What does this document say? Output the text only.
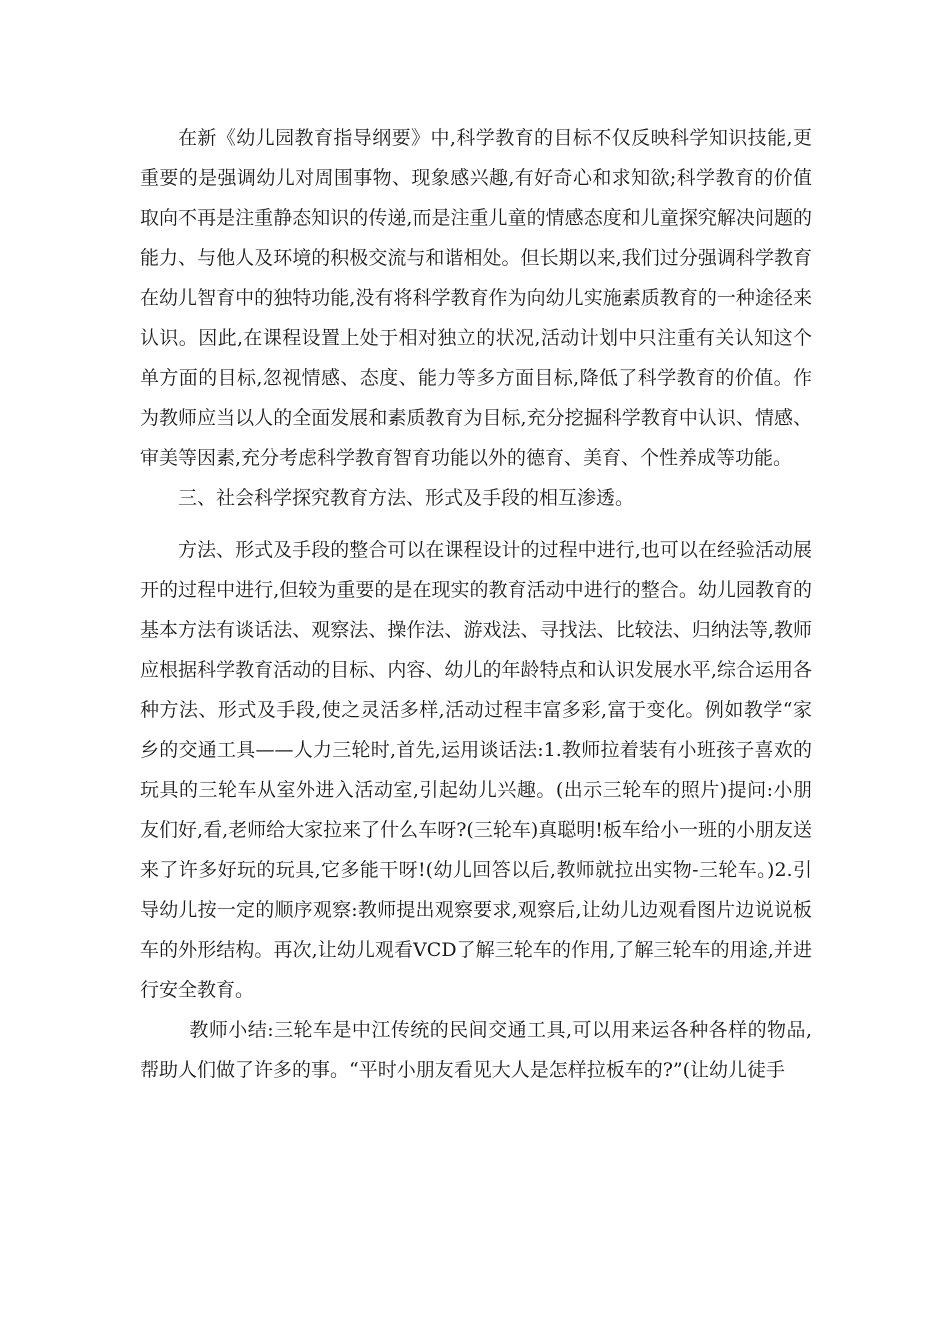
在新《幼儿园教育指导纲要》中,科学教育的目标不仅反映科学知识技能,更重要的是强调幼儿对周围事物、现象感兴趣,有好奇心和求知欲;科学教育的价值取向不再是注重静态知识的传递,而是注重儿童的情感态度和儿童探究解决问题的能力、与他人及环境的积极交流与和谐相处。但长期以来,我们过分强调科学教育在幼儿智育中的独特功能,没有将科学教育作为向幼儿实施素质教育的一种途径来认识。因此,在课程设置上处于相对独立的状况,活动计划中只注重有关认知这个单方面的目标,忽视情感、态度、能力等多方面目标,降低了科学教育的价值。作为教师应当以人的全面发展和素质教育为目标,充分挖掘科学教育中认识、情感、审美等因素,充分考虑科学教育智育功能以外的德育、美育、个性养成等功能。

三、社会科学探究教育方法、形式及手段的相互渗透。

方法、形式及手段的整合可以在课程设计的过程中进行,也可以在经验活动展开的过程中进行,但较为重要的是在现实的教育活动中进行的整合。幼儿园教育的基本方法有谈话法、观察法、操作法、游戏法、寻找法、比较法、归纳法等,教师应根据科学教育活动的目标、内容、幼儿的年龄特点和认识发展水平,综合运用各种方法、形式及手段,使之灵活多样,活动过程丰富多彩,富于变化。例如教学“家乡的交通工具——人力三轮时,首先,运用谈话法:1.教师拉着装有小班孩子喜欢的玩具的三轮车从室外进入活动室,引起幼儿兴趣。(出示三轮车的照片)提问:小朋友们好,看,老师给大家拉来了什么车呀?(三轮车)真聪明!板车给小一班的小朋友送来了许多好玩的玩具,它多能干呀!(幼儿回答以后,教师就拉出实物-三轮车。)2.引导幼儿按一定的顺序观察:教师提出观察要求,观察后,让幼儿边观看图片边说说板车的外形结构。再次,让幼儿观看VCD了解三轮车的作用,了解三轮车的用途,并进行安全教育。

教师小结:三轮车是中江传统的民间交通工具,可以用来运各种各样的物品,帮助人们做了许多的事。“平时小朋友看见大人是怎样拉板车的?”(让幼儿徒手
